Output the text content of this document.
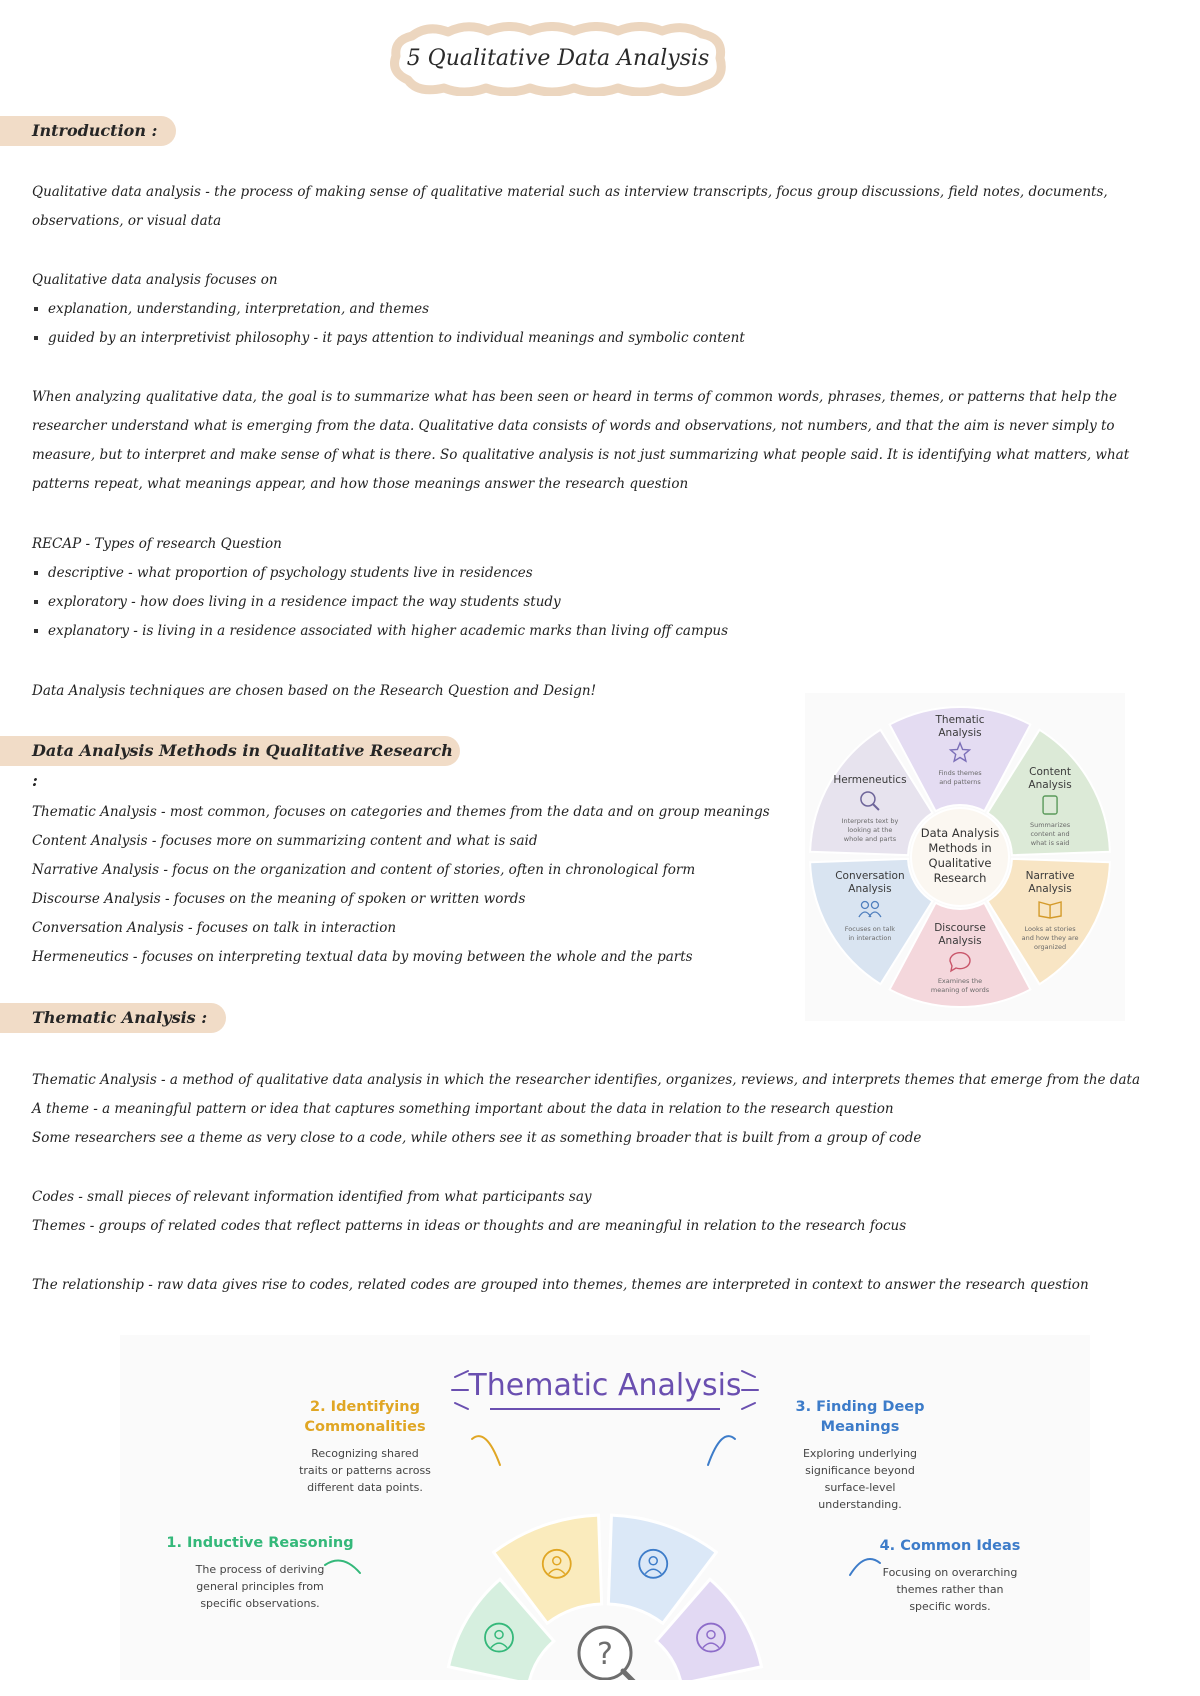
5 Qualitative Data Analysis
Introduction :
Qualitative data analysis - the process of making sense of qualitative material such as interview transcripts, focus group discussions, field notes, documents, observations, or visual data
Qualitative data analysis focuses on
explanation, understanding, interpretation, and themes
guided by an interpretivist philosophy - it pays attention to individual meanings and symbolic content
When analyzing qualitative data, the goal is to summarize what has been seen or heard in terms of common words, phrases, themes, or patterns that help the researcher understand what is emerging from the data. Qualitative data consists of words and observations, not numbers, and that the aim is never simply to measure, but to interpret and make sense of what is there. So qualitative analysis is not just summarizing what people said. It is identifying what matters, what patterns repeat, what meanings appear, and how those meanings answer the research question
RECAP - Types of research Question
descriptive - what proportion of psychology students live in residences
exploratory - how does living in a residence impact the way students study
explanatory - is living in a residence associated with higher academic marks than living off campus
Data Analysis techniques are chosen based on the Research Question and Design!
Data Analysis Methods in Qualitative Research :
Thematic Analysis - most common, focuses on categories and themes from the data and on group meanings
Content Analysis - focuses more on summarizing content and what is said
Narrative Analysis - focus on the organization and content of stories, often in chronological form
Discourse Analysis - focuses on the meaning of spoken or written words
Conversation Analysis - focuses on talk in interaction
Hermeneutics - focuses on interpreting textual data by moving between the whole and the parts
Thematic
Analysis
Finds themes
and patterns
Content
Analysis
Summarizes
content and
what is said
Narrative
Analysis
Looks at stories
and how they are
organized
Discourse
Analysis
Examines the
meaning of words
Conversation
Analysis
Focuses on talk
in interaction
Hermeneutics
Interprets text by
looking at the
whole and parts Data Analysis
Methods in
Qualitative
Research
Thematic Analysis :
Thematic Analysis - a method of qualitative data analysis in which the researcher identifies, organizes, reviews, and interprets themes that emerge from the data
A theme - a meaningful pattern or idea that captures something important about the data in relation to the research question
Some researchers see a theme as very close to a code, while others see it as something broader that is built from a group of code
Codes - small pieces of relevant information identified from what participants say
Themes - groups of related codes that reflect patterns in ideas or thoughts and are meaningful in relation to the research focus
The relationship - raw data gives rise to codes, related codes are grouped into themes, themes are interpreted in context to answer the research question
Thematic Analysis
?
1. Inductive Reasoning
The process of deriving
general principles from
specific observations.
2. Identifying
Commonalities
Recognizing shared
traits or patterns across
different data points.
3. Finding Deep
Meanings
Exploring underlying
significance beyond
surface-level
understanding.
4. Common Ideas
Focusing on overarching
themes rather than
specific words.
